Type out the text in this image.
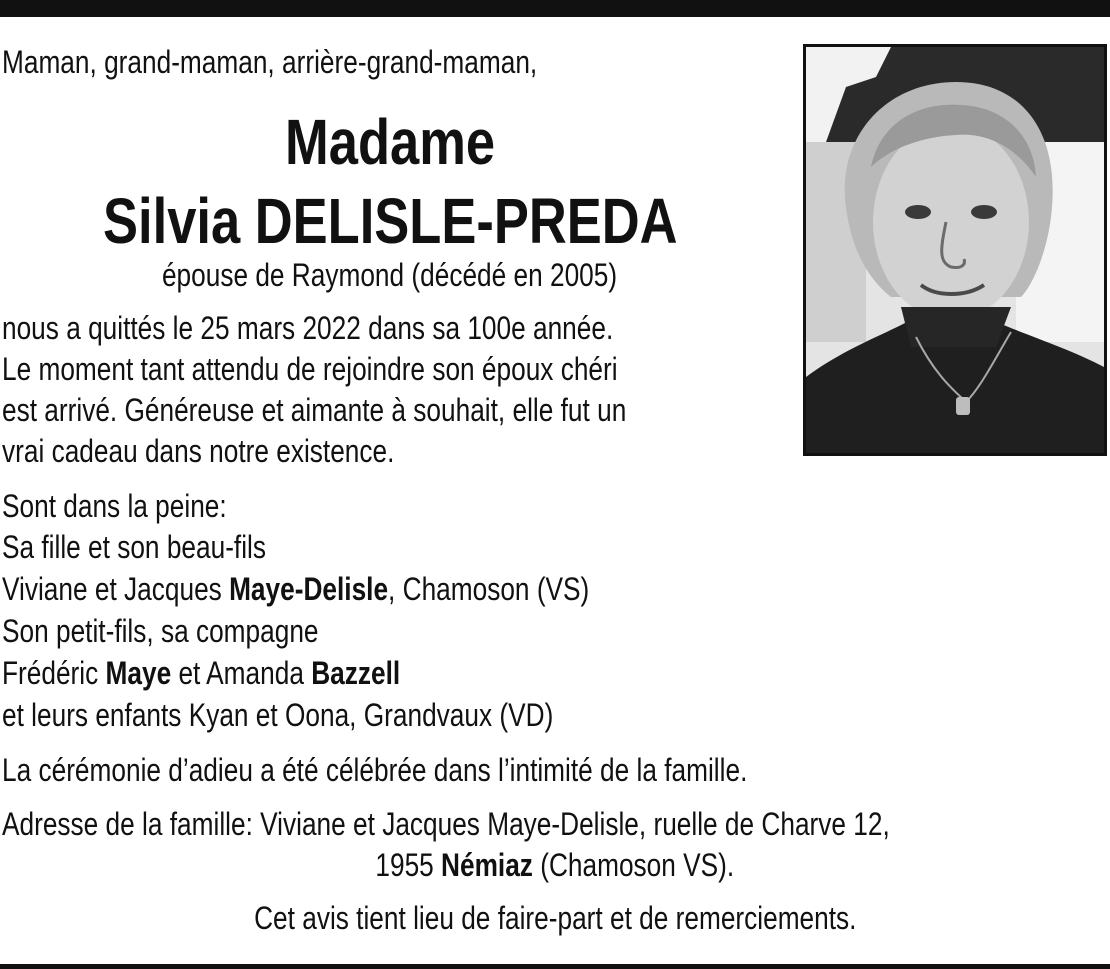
Maman, grand-maman, arrière-grand-maman,
Madame
Silvia DELISLE-PREDA
épouse de Raymond (décédé en 2005)
nous a quittés le 25 mars 2022 dans sa 100e année.
Le moment tant attendu de rejoindre son époux chéri
est arrivé. Généreuse et aimante à souhait, elle fut un
vrai cadeau dans notre existence.
Sont dans la peine:
Sa fille et son beau-fils
Viviane et Jacques Maye-Delisle, Chamoson (VS)
Son petit-fils, sa compagne
Frédéric Maye et Amanda Bazzell
et leurs enfants Kyan et Oona, Grandvaux (VD)
La cérémonie d’adieu a été célébrée dans l’intimité de la famille.
Adresse de la famille: Viviane et Jacques Maye-Delisle, ruelle de Charve 12,
1955 Némiaz (Chamoson VS).
Cet avis tient lieu de faire-part et de remerciements.
